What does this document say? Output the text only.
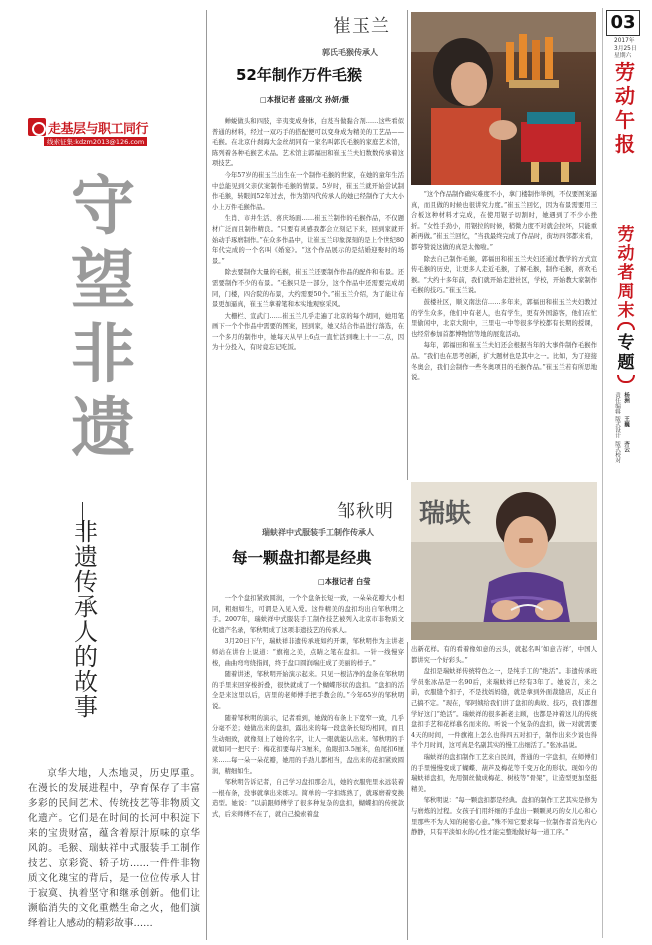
走基层与职工同行
线索征集:kdzm2013@126.com
守望非遗
非遗传承人的故事
京华大地，人杰地灵，历史厚重。在漫长的发展进程中，孕育保存了丰富多彩的民间艺术、传统技艺等非物质文化遗产。它们是在时间的长河中积淀下来的宝贵财富，蕴含着原汁原味的京华风韵。毛猴、瑞蚨祥中式服装手工制作技艺、京彩瓷、轿子坊……一件件非物质文化瑰宝的背后，是一位位传承人甘于寂寞、执着坚守和继承创新。他们让濒临消失的文化重燃生命之火，他们演绎着让人感动的精彩故事……
崔玉兰
郭氏毛猴传承人
52年制作万件毛猴
□本报记者 盛丽/文 孙妍/摄

蝉蜕做头和四肢，辛夷变成身体，白芨当做黏合剂……这些看似普通的材料，经过一双巧手的搭配便可以变身成为精美的工艺品——毛猴。在北京什刹海大金丝胡同有一家名叫郭氏毛猴的家庭艺术馆，陈列着各种毛猴艺术品。艺术馆主郭福田和崔玉兰夫妇数数传承着这项技艺。

今年57岁的崔玉兰出生在一个制作毛猴的世家，在她的童年生活中总能见到父亲伏案制作毛猴的情景。5岁时，崔玉兰就开始尝试制作毛猴，转眼间52年过去，作为第四代传承人的她已经制作了大大小小上万件毛猴作品。

生肖、市井生活、喜庆场面……崔玉兰制作的毛猴作品，不仅题材广泛而且制作精良。“只要有灵感我都会立刻记下来，回到家就开始动手琢磨制作。”在众多作品中，让崔玉兰印象深刻的是上个世纪80年代完成的一个名叫《婚宴》。“这个作品展示的是结婚迎娶时的场景。”

除去要制作大量的毛猴，崔玉兰还要制作作品的配件和布景。还需要制作不少的布景。“毛猴只是一部分，这个作品中还需要完成胡同，门楼，四合院的布景，大约需要50个。”崔玉兰介绍，为了能让布景更加逼真，崔玉兰拿着笔和本实地观察采风。

大栅栏、宣武门……崔玉兰几乎走遍了北京的每个胡同，她用笔画下一个个作品中需要的图案，回到家，她又结合作品进行落选，在一个多月的制作中，她每天从早上6点一直忙活到晚上十一二点，因为十分投入，有时竟忘记吃饭。

“这个作品制作确实难度不小，拿门楼制作举例，不仅要图案逼真，而且做的时候也很讲究力度。”崔玉兰回忆，因为布景需要用三合板这种材料才完成，在使用锯子切割时，她遇到了不少小挫折。“女性手劲小，用锯拉的时候，稍微力度不对就会拉坏，只能重新再做。”崔玉兰回忆，“当我最终完成了作品时，街坊四邻都来看，都夸赞说这做的真是太像啦。”

除去自己制作毛猴，郭福田和崔玉兰夫妇还通过教学的方式宣传毛猴的历史，让更多人走近毛猴，了解毛猴，制作毛猴，喜欢毛猴。“大约十多年前，我们就开始走进社区，学校，开始教大家制作毛猴的技巧。”崔玉兰说。

鼓楼社区，顺义南法信……多年来，郭福田和崔玉兰夫妇教过的学生众多，他们中有老人，也有学生，更有外国游客，他们在忙里偷闲中，北京大附中，三里屯一中等很多学校都有长期的授课，也经常参加首都博物馆等地的展览活动。

每年，郭福田和崔玉兰夫妇还会根据当年的大事件制作毛猴作品。“我们也在思考创新，扩大题材也是其中之一。比如，为了迎接冬奥会，我们会制作一些冬奥项目的毛猴作品。”崔玉兰若有所思地说。

邹秋明
瑞蚨祥中式服装手工制作传承人
每一颗盘扣都是经典
□本报记者 白莹
瑞蚨

一个个盘扣紧致圆润，一个个盘条长短一致，一朵朵花瓣大小相同，粗细如生，可谓是入见入爱。这件精美的盘扣均出自邹秋明之手。2007年，瑞蚨祥中式服装手工制作技艺被列入北京市非物质文化遗产名录，邹秋明成了这项非遗技艺的传承人。

3月20日下午，瑞蚨祥非遗传承班如约开课，邹秋明作为主讲老师站在讲台上说道：“旗袍之美，点睛之笔在盘扣。一针一线慢穿梭，曲曲弯弯绕指间，终于盘口圆润端庄成了美丽的样子。”

随着讲述，邹秋明开始演示起来。只见一根洁净的盘条在邹秋明的手里来回穿梭折叠，很快就成了一个蝴蝶形状的盘扣。“盘扣的活全是来这里以后，店里的老师傅手把手教会的。”今年65岁的邹秋明说。

随着邹秋明的演示，记者看到，她做的布条上下宽窄一致，几乎分毫不差；她做出来的盘扣，露出来的每一段盘条长短均相同，而且生动细致，就像刻上了她的名字，让人一眼就能认出来。邹秋明的手就如同一把尺子：梅花扣要每片3厘米，鱼眼扣3.5厘米，鱼尾扣6厘米……每一朵一朵花瓣，她用的手劲儿都相当，盘出来的花扣紧致圆润，精细如生。

邹秋明告诉记者，自己学习盘扣那会儿，她的衣服兜里永远装着一根布条，没事就拿出来练习。简单的一字扣练熟了，就琢磨着变换造型。她说：“以前跟师傅学了很多种复杂的盘扣，蝴蝶扣的传统款式，后来师傅不在了，就自己摸索着盘

出新花样。有的看着像如意的云头，就起名叫‘如意吉祥’，中国人都讲究一个好彩头。”

盘扣是瑞蚨祥传统特色之一，是纯手工的“绝活”。非遗传承班学员张冰品是一名90后，来瑞蚨祥已经有3年了。她说言，来之前，衣服缝个扣子，不是找妈妈缝，就是拿到外面裁缝店，反正自己搞不定。“现在，邹阿姨给我们讲了盘扣的典故、技巧，我们都想学好这门“绝活”。瑞蚨祥的很多新老主顾，也都是冲着这儿的传统盘扣手艺和花样慕名而来的。听说一个复杂的盘扣，做一对就需要4天的时间，一件旗袍上怎么也得四五对扣子，制作出来少说也得半个月时间，这可真是名副其实的慢工出细活了。”张冰品说。

瑞蚨祥的盘扣制作工艺来自民间，普通的一字盘扣，在师傅们的手里慢慢变成了蝴蝶、葫芦及梅花等千变万化的形状。现如今的瑞蚨祥盘扣，先用铜丝做成梅花、树枝等“骨架”，让造型更加坚挺精美。

邹秋明说：“每一颗盘扣都是经典。盘扣的制作工艺其实是修为与磨炼的过程。女孩子们用纤细的手盘出一颗颗灵巧的女儿心和心里那些不为人知的秘密心意。”殊不知它要求每一位制作者首先内心静静，只有平淡如水的心性才能完整地做好每一道工序。”

03
2017年
3月25日
星期六
劳动午报
劳动者周末
专题
责任编辑 杨洲
版式设计 王巍
版式校对 齐云
